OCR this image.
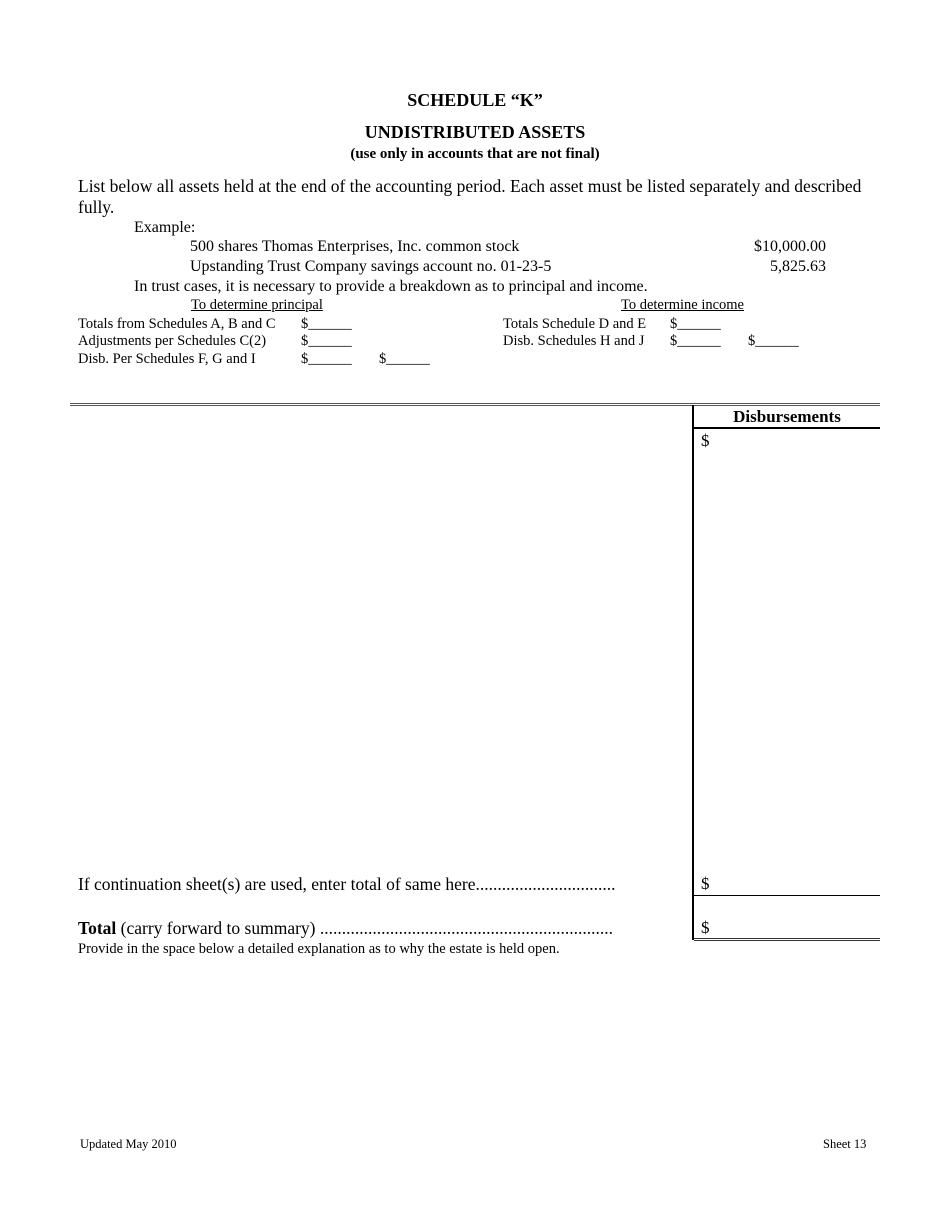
SCHEDULE “K”
UNDISTRIBUTED ASSETS
(use only in accounts that are not final)
List below all assets held at the end of the accounting period. Each asset must be listed separately and described fully.
Example:
500 shares Thomas Enterprises, Inc. common stock	$10,000.00
Upstanding Trust Company savings account no. 01-23-5	5,825.63
In trust cases, it is necessary to provide a breakdown as to principal and income.
To determine principal
Totals from Schedules A, B and C $______
Adjustments per Schedules C(2) $______
Disb. Per Schedules F, G and I	$______ $______
To determine income
Totals Schedule D and E $______
Disb. Schedules H and J $______ $______
Disbursements
$
If continuation sheet(s) are used, enter total of same here................................	$
Total (carry forward to summary) ...................................................................	$
Provide in the space below a detailed explanation as to why the estate is held open.
Updated May 2010	Sheet 13
